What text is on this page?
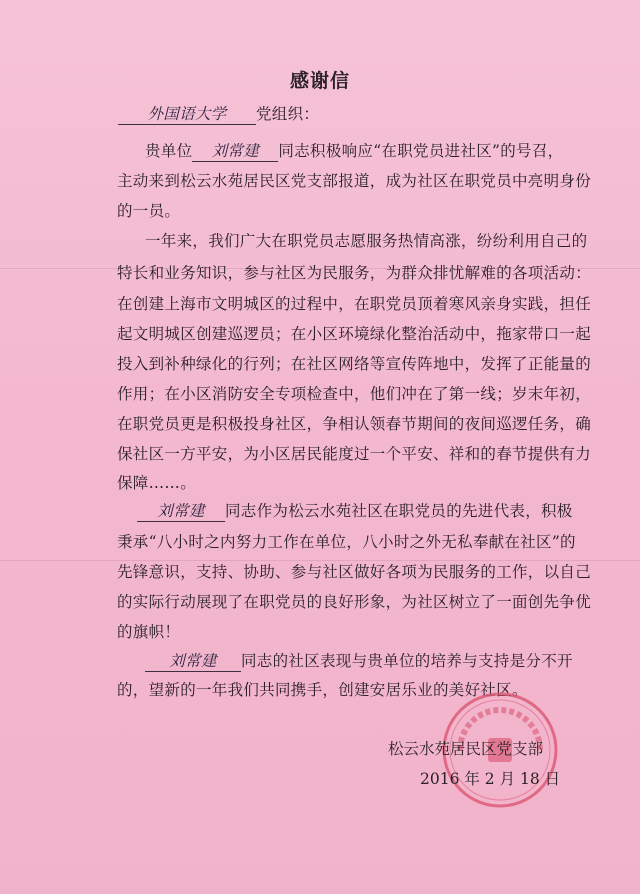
感谢信
外国语大学 党组织：
贵单位 刘常建 同志积极响应“在职党员进社区”的号召，
主动来到松云水苑居民区党支部报道，成为社区在职党员中亮明身份
的一员。
一年来，我们广大在职党员志愿服务热情高涨，纷纷利用自己的
特长和业务知识，参与社区为民服务，为群众排忧解难的各项活动：
在创建上海市文明城区的过程中，在职党员顶着寒风亲身实践，担任
起文明城区创建巡逻员；在小区环境绿化整治活动中，拖家带口一起
投入到补种绿化的行列；在社区网络等宣传阵地中，发挥了正能量的
作用；在小区消防安全专项检查中，他们冲在了第一线；岁末年初，
在职党员更是积极投身社区，争相认领春节期间的夜间巡逻任务，确
保社区一方平安，为小区居民能度过一个平安、祥和的春节提供有力
保障……。
刘常建 同志作为松云水苑社区在职党员的先进代表，积极
秉承“八小时之内努力工作在单位，八小时之外无私奉献在社区”的
先锋意识，支持、协助、参与社区做好各项为民服务的工作，以自己
的实际行动展现了在职党员的良好形象，为社区树立了一面创先争优
的旗帜！
刘常建 同志的社区表现与贵单位的培养与支持是分不开
的，望新的一年我们共同携手，创建安居乐业的美好社区。
松云水苑居民区党支部
2016 年 2 月 18 日
